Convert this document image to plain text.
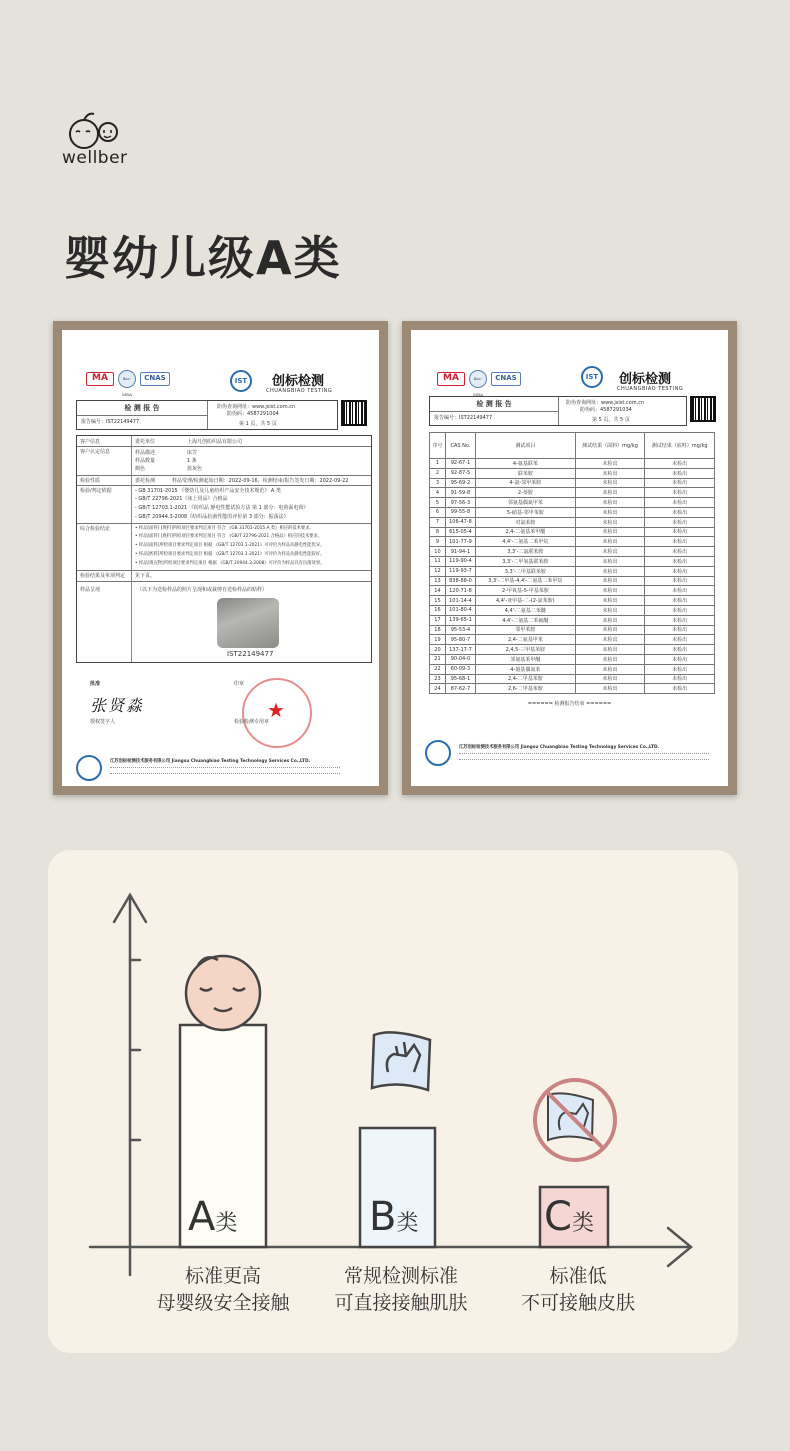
wellber
婴幼儿级A类
MA	ilac-MRA
CNAS	IST	创标检测
CHUANGBIAO TESTING
检 测 报 告
报告编号：IST22149477
防伪查询网址：www.jsist.com.cn
防伪码：4587291004
第 1 页，共 5 页
客户信息	委托单位	上海凡创纺织品有限公司
客户认定信息	样品描述	床笠
样品数量	1 条
颜色	蓝灰色
检验性质	委托检测	样品受理/检测起始日期：2022-09-16，检测结束/报告签发日期：2022-09-22
检验/判定依据	- GB 31701-2015 《婴幼儿及儿童纺织产品安全技术规范》 A 类
- GB/T 22796-2021《床上用品》合格品
- GB/T 12703.1-2021 《纺织品 静电性能试验方法 第 1 部分：电荷面电荷》
- GB/T 20944.3-2008《纺织品抗菌性能的评价第 3 部分：振荡法》
综合检验结论	• 样品[面料] [底料]所检项目要求判定项目 符合 《GB 31701-2015 A 类》相应的技术要求。
• 样品[面料] [底料]所检项目要求判定项目 符合 《GB/T 22796-2021 合格品》相应的技术要求。
• 样品[面料]所检项目要求判定项目 根据 《GB/T 12703.1-2021》可评价为样品抗静电性能优异。
• 样品[底料]所检项目要求判定项目 根据 《GB/T 12703.1-2021》可评价为样品抗静电性能较好。
• 样品[填充物]所检项目要求判定项目 根据 《GB/T 20944.3-2008》可评价为样品具有抗菌效果。
检验结果及单项判定 见下页。
样品呈现	（以下为送检样品的照片呈现和或裁剪自送检样品的贴样）
IST22149477
批准
张贤淼
授权签字人
印章
★
检验检测专用章
江苏创标检测技术服务有限公司 Jiangsu Chuangbiao Testing Technology Services Co.,LTD.
MA	ilac-MRA
CNAS	IST	创标检测
CHUANGBIAO TESTING
检 测 报 告
报告编号：IST22149477
防伪查询网址：www.jsist.com.cn
防伪码：4587291034
第 5 页，共 5 页
序号	CAS No.	测试项目	测试结果（面料）mg/kg	测试结果（底料）mg/kg
1	92-67-1	4-氨基联苯	未检出	未检出
2	92-87-5	联苯胺	未检出	未检出
3	95-69-2	4-氯-邻甲苯胺	未检出	未检出
4	91-59-8	2-萘胺	未检出	未检出
5	97-56-3	邻氨基偶氮甲苯	未检出	未检出
6	99-55-8	5-硝基-邻甲苯胺	未检出	未检出
7	106-47-8	对氯苯胺	未检出	未检出
8	615-05-4	2,4-二氨基苯甲醚	未检出	未检出
9	101-77-9	4,4'-二氨基二苯甲烷	未检出	未检出
10	91-94-1	3,3'-二氯联苯胺	未检出	未检出
11	119-90-4	3,3'-二甲氧基联苯胺	未检出	未检出
12	119-93-7	3,3'-二甲基联苯胺	未检出	未检出
13	838-88-0	3,3'-二甲基-4,4'-二氨基二苯甲烷	未检出	未检出
14	120-71-8	2-甲氧基-5-甲基苯胺	未检出	未检出
15	101-14-4	4,4'-亚甲基-二-(2-氯苯胺)	未检出	未检出
16	101-80-4	4,4'-二氨基二苯醚	未检出	未检出
17	139-65-1	4,4'-二氨基二苯硫醚	未检出	未检出
18	95-53-4	邻甲苯胺	未检出	未检出
19	95-80-7	2,4-二氨基甲苯	未检出	未检出
20	137-17-7	2,4,5-三甲基苯胺	未检出	未检出
21	90-04-0	邻氨基苯甲醚	未检出	未检出
22	60-09-3	4-氨基偶氮苯	未检出	未检出
23	95-68-1	2,4-二甲基苯胺	未检出	未检出
24	87-62-7	2,6-二甲基苯胺	未检出	未检出
====== 检测报告结束 ======
江苏创标检测技术服务有限公司 Jiangsu Chuangbiao Testing Technology Services Co.,LTD.
A类	B类	C类
标准更高
母婴级安全接触
常规检测标准
可直接接触肌肤
标准低
不可接触皮肤
